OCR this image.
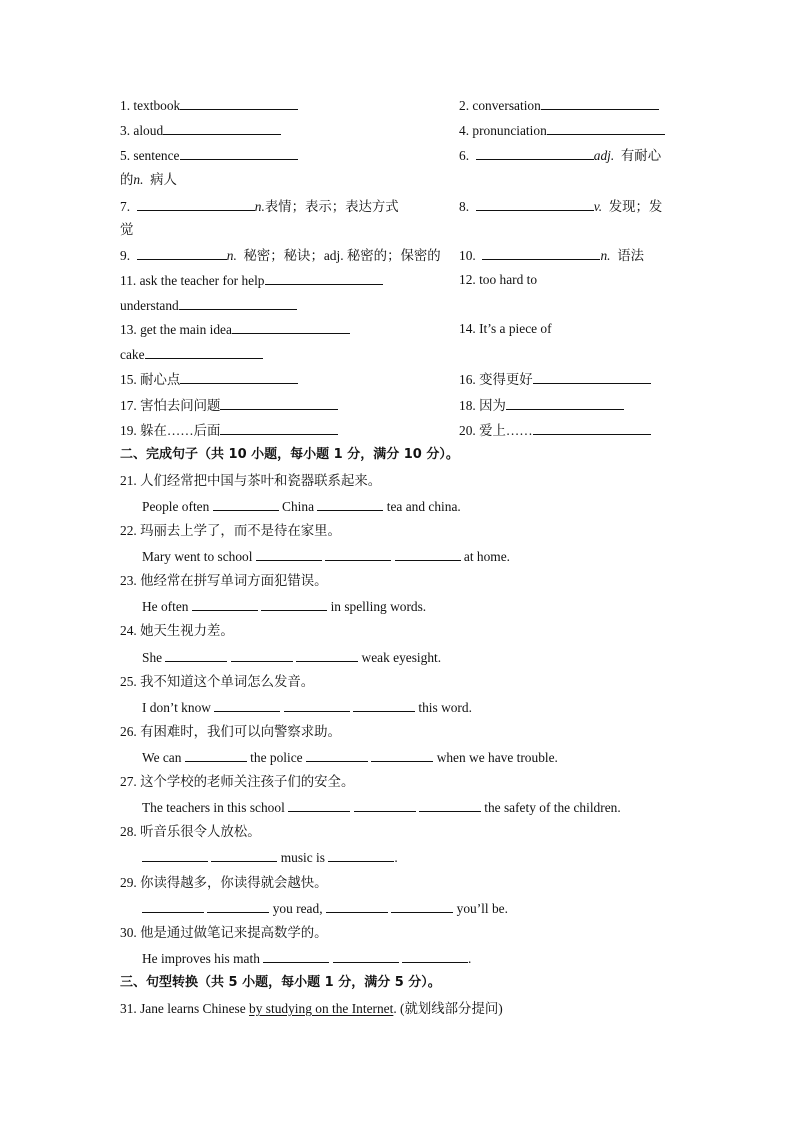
1. textbook	2. conversation
3. aloud	4. pronunciation
5. sentence	6.	adj. 有耐心
的n. 病人
7.	n.表情；表示；表达方式	8.	v. 发现；发
觉
9.	n. 秘密；秘诀；adj. 秘密的；保密的 10.	n. 语法
11. ask the teacher for help	12. too hard to
understand
13. get the main idea	14. It’s a piece of
cake
15. 耐心点	16. 变得更好
17. 害怕去问问题	18. 因为
19. 躲在……后面	20. 爱上……
二、完成句子（共 10 小题，每小题 1 分，满分 10 分）。
21. 人们经常把中国与茶叶和瓷器联系起来。
People often	China	tea and china.
22. 玛丽去上学了，而不是待在家里。
Mary went to school	at home.
23. 他经常在拼写单词方面犯错误。
He often	in spelling words.
24. 她天生视力差。
She	weak eyesight.
25. 我不知道这个单词怎么发音。
I don’t know	this word.
26. 有困难时，我们可以向警察求助。
We can	the police	when we have trouble.
27. 这个学校的老师关注孩子们的安全。
The teachers in this school	the safety of the children.
28. 听音乐很令人放松。
music is	.
29. 你读得越多，你读得就会越快。
you read,	you’ll be.
30. 他是通过做笔记来提高数学的。
He improves his math	.
三、句型转换（共 5 小题，每小题 1 分，满分 5 分）。
31. Jane learns Chinese by studying on the Internet. (就划线部分提问)
